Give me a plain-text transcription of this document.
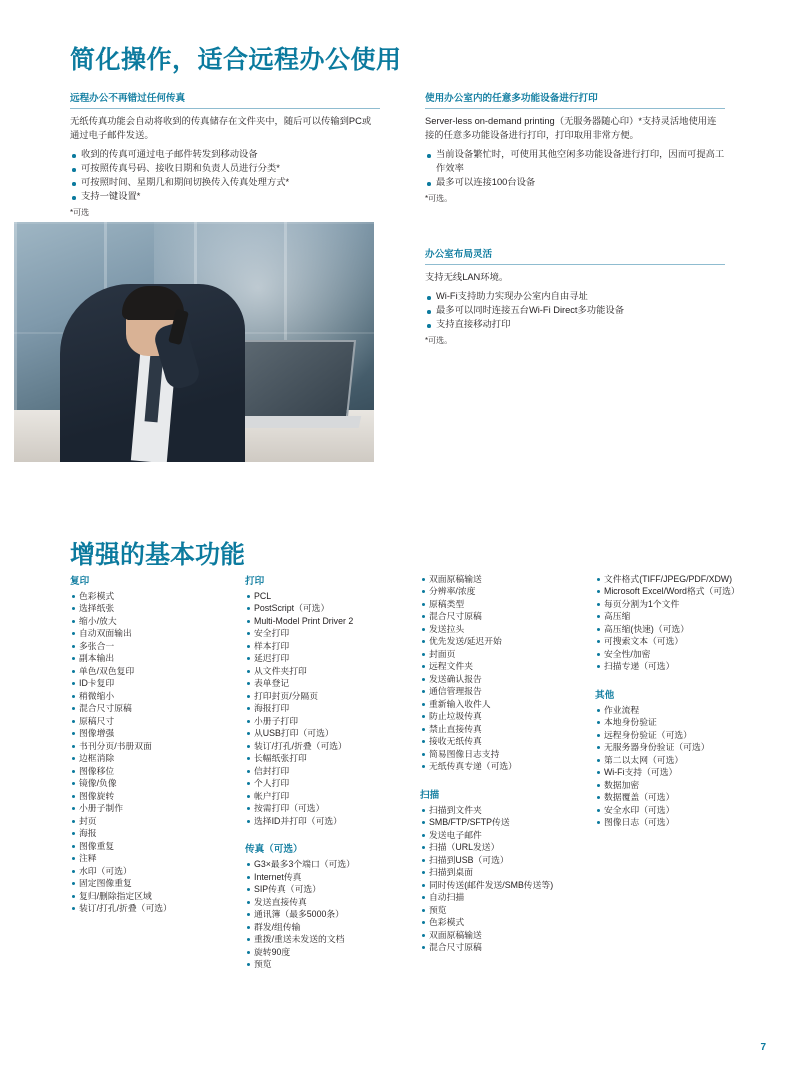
简化操作，适合远程办公使用
远程办公不再错过任何传真

无纸传真功能会自动将收到的传真储存在文件夹中，随后可以传输到PC或通过电子邮件发送。

收到的传真可通过电子邮件转发到移动设备
可按照传真号码、接收日期和负责人员进行分类*
可按照时间、星期几和期间切换传入传真处理方式*
支持一键设置*
*可选
使用办公室内的任意多功能设备进行打印

Server-less on-demand printing（无服务器随心印）*支持灵活地使用连接的任意多功能设备进行打印，打印取用非常方便。

当前设备繁忙时，可使用其他空闲多功能设备进行打印，因而可提高工作效率
最多可以连接100台设备
*可选。
办公室布局灵活

支持无线LAN环境。

Wi-Fi支持助力实现办公室内自由寻址
最多可以同时连接五台Wi-Fi Direct多功能设备
支持直接移动打印
*可选。
增强的基本功能
复印
色彩模式
选择纸张
缩小/放大
自动双面输出
多张合一
副本输出
单色/双色复印
ID卡复印
稍微缩小
混合尺寸原稿
原稿尺寸
图像增强
书刊分页/书册双面
边框消除
图像移位
镜像/负像
图像旋转
小册子制作
封页
海报
图像重复
注释
水印（可选）
固定图像重复
复归/删除指定区域
装订/打孔/折叠（可选）
打印
PCL
PostScript（可选）
Multi-Model Print Driver 2
安全打印
样本打印
延迟打印
从文件夹打印
表单登记
打印封页/分隔页
海报打印
小册子打印
从USB打印（可选）
装订/打孔/折叠（可选）
长幅纸张打印
信封打印
个人打印
帐户打印
按需打印（可选）
选择ID并打印（可选）
传真（可选）
G3×最多3个端口（可选）
Internet传真
SIP传真（可选）
发送直接传真
通讯簿（最多5000条）
群发/组传输
重拨/重送未发送的文档
旋转90度
预览
双面原稿输送
分辨率/浓度
原稿类型
混合尺寸原稿
发送拉头
优先发送/延迟开始
封面页
远程文件夹
发送确认报告
通信管理报告
重新输入收件人
防止垃圾传真
禁止直接传真
接收无纸传真
简易图像日志支持
无纸传真专递（可选）
扫描
扫描到文件夹
SMB/FTP/SFTP传送
发送电子邮件
扫描（URL发送）
扫描到USB（可选）
扫描到桌面
同时传送(邮件发送/SMB传送等)
自动扫描
预览
色彩模式
双面原稿输送
混合尺寸原稿
文件格式(TIFF/JPEG/PDF/XDW)
Microsoft Excel/Word格式（可选）
每页分割为1个文件
高压缩
高压缩(快速)（可选）
可搜索文本（可选）
安全性/加密
扫描专递（可选）
其他
作业流程
本地身份验证
远程身份验证（可选）
无服务器身份验证（可选）
第二以太网（可选）
Wi-Fi支持（可选）
数据加密
数据覆盖（可选）
安全水印（可选）
图像日志（可选）
7
